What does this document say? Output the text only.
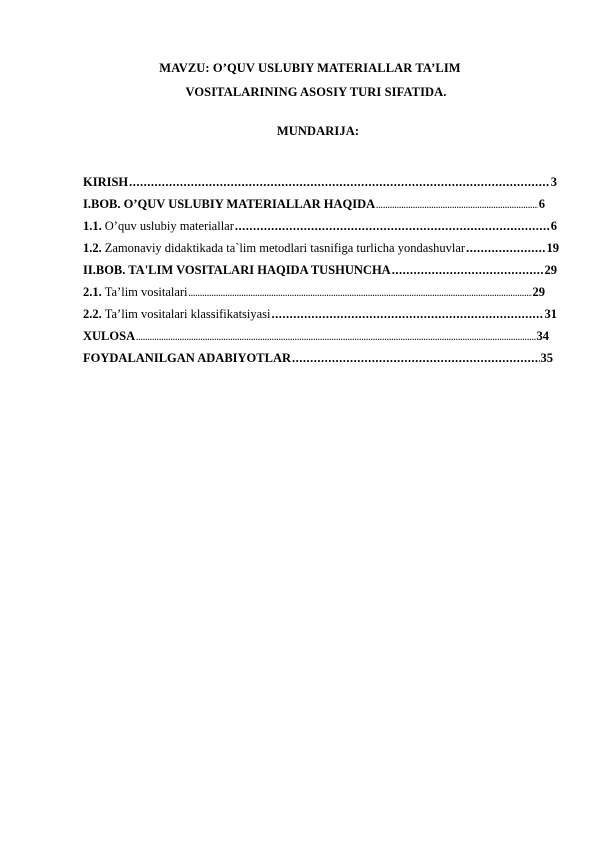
MAVZU: O’QUV USLUBIY MATERIALLAR TA’LIM
VOSITALARINING ASOSIY TURI SIFATIDA.
MUNDARIJA:
KIRISH .....	3
I.BOB. O’QUV USLUBIY MATERIALLAR HAQIDA .....	6
1.1. O’quv uslubiy materiallar .....	6
1.2. Zamonaviy didaktikada ta`lim metodlari tasnifiga turlicha yondashuvlar .....	19
II.BOB. TA'LIM VOSITALARI HAQIDA TUSHUNCHA .....	29
2.1. Ta’lim vositalari .....	29
2.2. Ta’lim vositalari klassifikatsiyasi .....	31
XULOSA .....	34
FOYDALANILGAN ADABIYOTLAR .....	35
